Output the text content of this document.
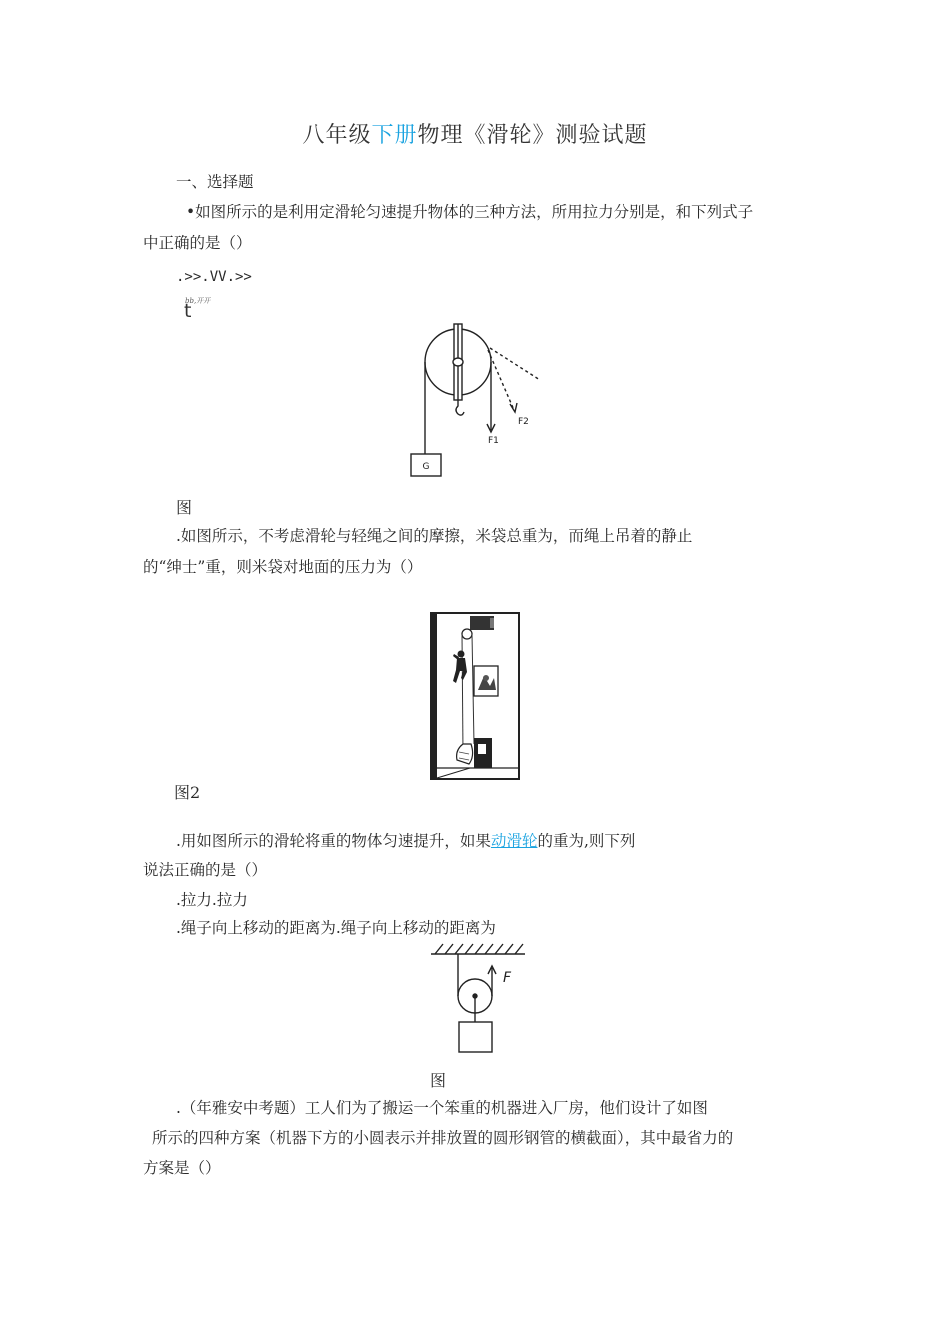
八年级下册物理《滑轮》测验试题
一、选择题
•如图所示的是利用定滑轮匀速提升物体的三种方法，所用拉力分别是，和下列式子
中正确的是（）
.>>.VV.>>
bb,开开
t
G
F1
F2
图
.如图所示，不考虑滑轮与轻绳之间的摩擦，米袋总重为，而绳上吊着的静止
的“绅士”重，则米袋对地面的压力为（）
图2
.用如图所示的滑轮将重的物体匀速提升，如果动滑轮的重为,则下列
说法正确的是（）
.拉力.拉力
.绳子向上移动的距离为.绳子向上移动的距离为
F
图
.（年雅安中考题）工人们为了搬运一个笨重的机器进入厂房，他们设计了如图
所示的四种方案（机器下方的小圆表示并排放置的圆形钢管的横截面），其中最省力的
方案是（）
